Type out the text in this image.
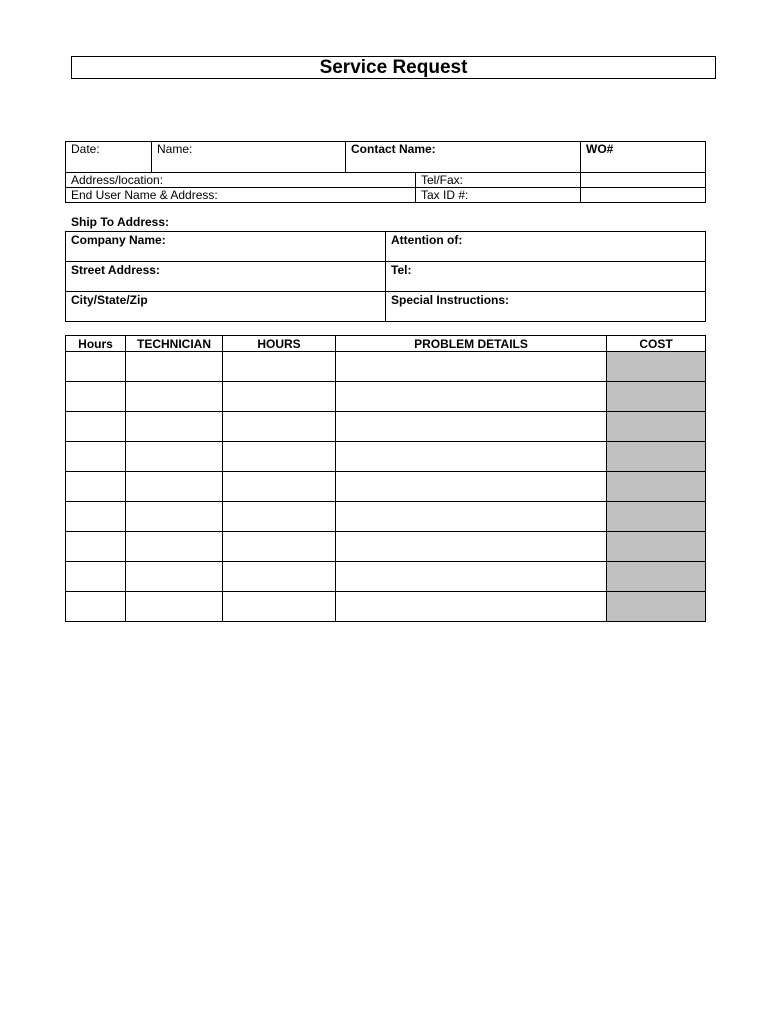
Service Request
Date:	Name:	Contact Name:		WO#
Address/location:			Tel/Fax:	
End User Name & Address:			Tax ID #:	
Ship To Address:
Company Name:	Attention of:
Street Address:	Tel:
City/State/Zip	Special Instructions:
Hours	TECHNICIAN	HOURS	PROBLEM DETAILS	COST
